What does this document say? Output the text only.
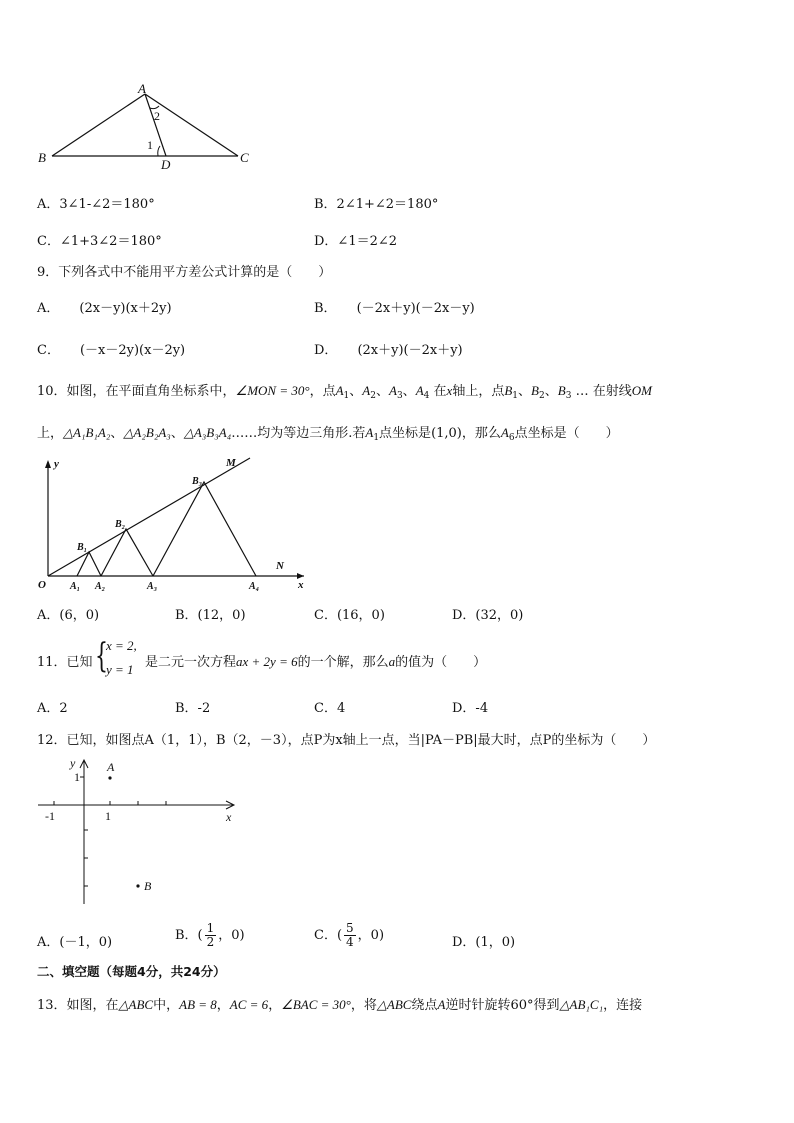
A
B	C
D
1
2
A．3∠1-∠2＝180°	B．2∠1+∠2＝180°
C．∠1+3∠2＝180°	D．∠1＝2∠2
9．下列各式中不能用平方差公式计算的是（　　）
A． (2x－y)(x＋2y)	B． (－2x＋y)(－2x－y)
C． (－x－2y)(x－2y)	D． (2x＋y)(－2x＋y)
10．如图，在平面直角坐标系中，∠MON = 30°，点$A_1$、$A_2$、$A_3$、$A_4$ 在x轴上，点$B_1$、$B_2$、$B_3$ … 在射线OM
上，△A₁B₁A₂、△A₂B₂A₃、△A₃B₃A₄……均为等边三角形.若$A_1$点坐标是(1,0)，那么$A_6$点坐标是（　　）
y
x
M
N
O A₁ A₂	A₃	A₄
B₁
B₂
B₃
A．(6，0)	B．(12，0)	C．(16，0)	D．(32，0)
11．已知 {
x = 2,
y = 1 是二元一次方程ax + 2y = 6的一个解，那么a的值为（　　）
A．2	B．-2	C．4	D．-4
12．已知，如图点A（1，1），B（2，－3），点P为x轴上一点，当|PA－PB|最大时，点P的坐标为（　　）
y
x
1
1
-1
A
B
A．(－1，0)	B．( $\frac{1}{2}$ ，0)	C．( $\frac{5}{4}$ ，0)	D．(1，0)
二、填空题（每题4分，共24分）
13．如图，在△ABC中，AB = 8，AC = 6，∠BAC = 30°，将△ABC绕点A逆时针旋转60°得到△AB₁C₁，连接
